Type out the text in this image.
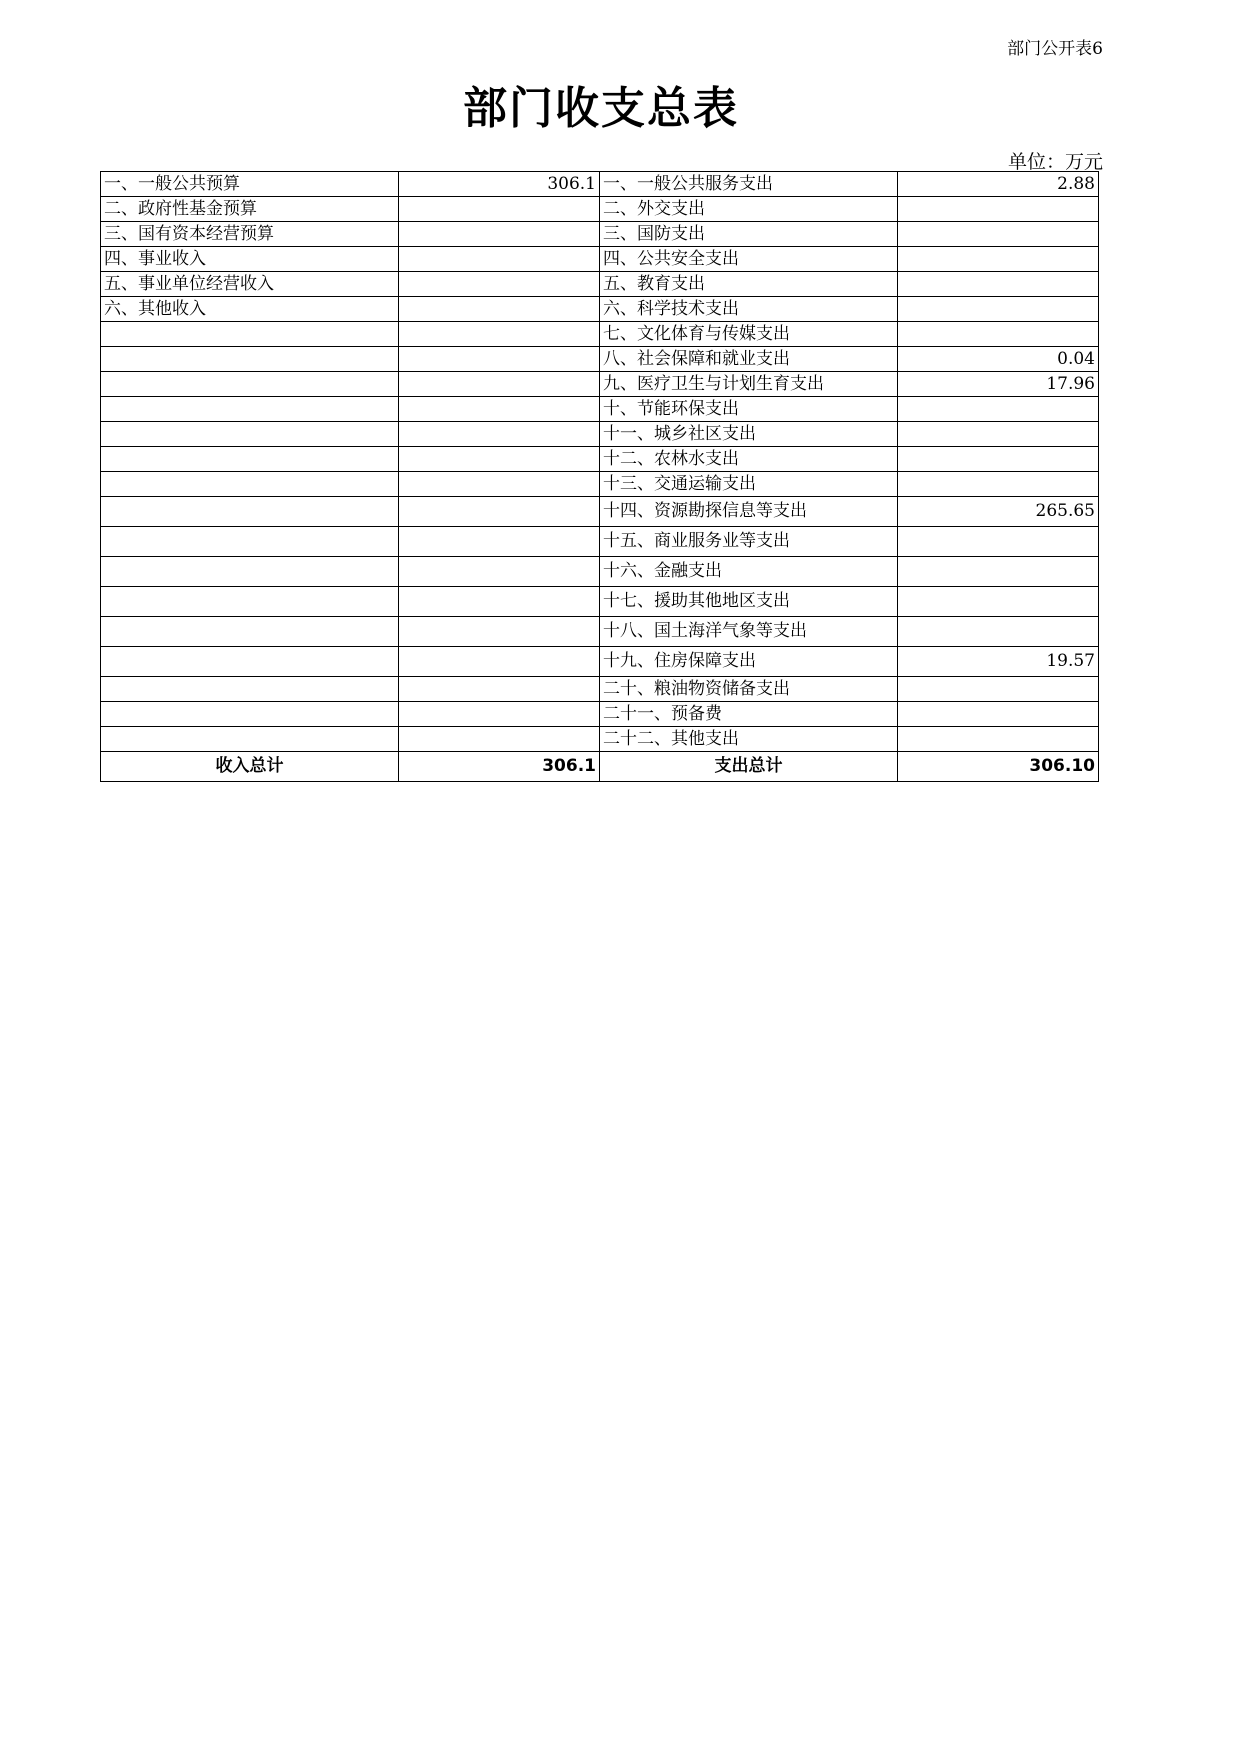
部门公开表6
部门收支总表
单位：万元
一、一般公共预算	306.1	一、一般公共服务支出	2.88
二、政府性基金预算		二、外交支出	
三、国有资本经营预算		三、国防支出	
四、事业收入		四、公共安全支出	
五、事业单位经营收入		五、教育支出	
六、其他收入		六、科学技术支出	
		七、文化体育与传媒支出	
		八、社会保障和就业支出	0.04
		九、医疗卫生与计划生育支出	17.96
		十、节能环保支出	
		十一、城乡社区支出	
		十二、农林水支出	
		十三、交通运输支出	
		十四、资源勘探信息等支出	265.65
		十五、商业服务业等支出	
		十六、金融支出	
		十七、援助其他地区支出	
		十八、国土海洋气象等支出	
		十九、住房保障支出	19.57
		二十、粮油物资储备支出	
		二十一、预备费	
		二十二、其他支出	
收入总计	306.1	支出总计	306.10
